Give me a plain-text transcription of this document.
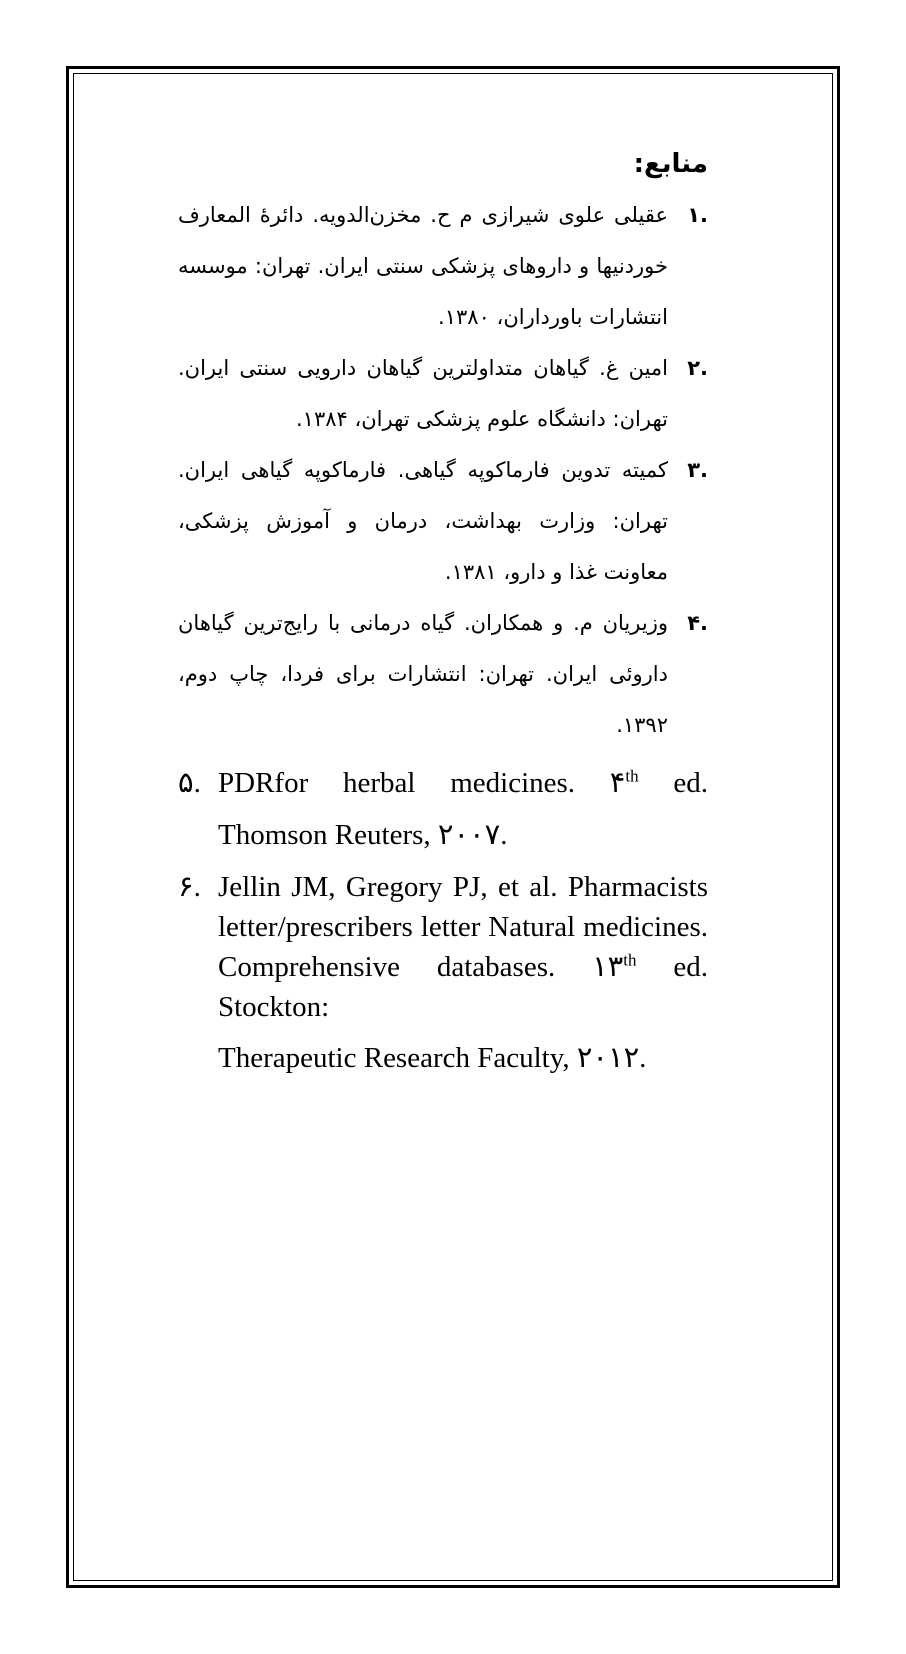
منابع:
.۱
عقیلی علوی شیرازی م ح. مخزن‌الدویه. دائرهٔ المعارف خوردنیها و داروهای پزشکی سنتی ایران. تهران: موسسه انتشارات باورداران، ۱۳۸۰.
.۲
امین غ. گیاهان متداولترین گیاهان دارویی سنتی ایران. تهران: دانشگاه علوم پزشکی تهران، ۱۳۸۴.
.۳
کمیته تدوین فارماکوپه گیاهی. فارماکوپه گیاهی ایران. تهران: وزارت بهداشت، درمان و آموزش پزشکی، معاونت غذا و دارو، ۱۳۸۱.
.۴
وزیریان م. و همکاران. گیاه درمانی با رایج‌ترین گیاهان داروئی ایران. تهران: انتشارات برای فردا، چاپ دوم، ۱۳۹۲.
۵. PDRfor herbal medicines. ۴th ed. Thomson Reuters, ۲۰۰۷.
۶. Jellin JM, Gregory PJ, et al. Pharmacists letter/prescribers letter Natural medicines. Comprehensive databases. ۱۳th ed. Stockton:
Therapeutic Research Faculty, ۲۰۱۲.
